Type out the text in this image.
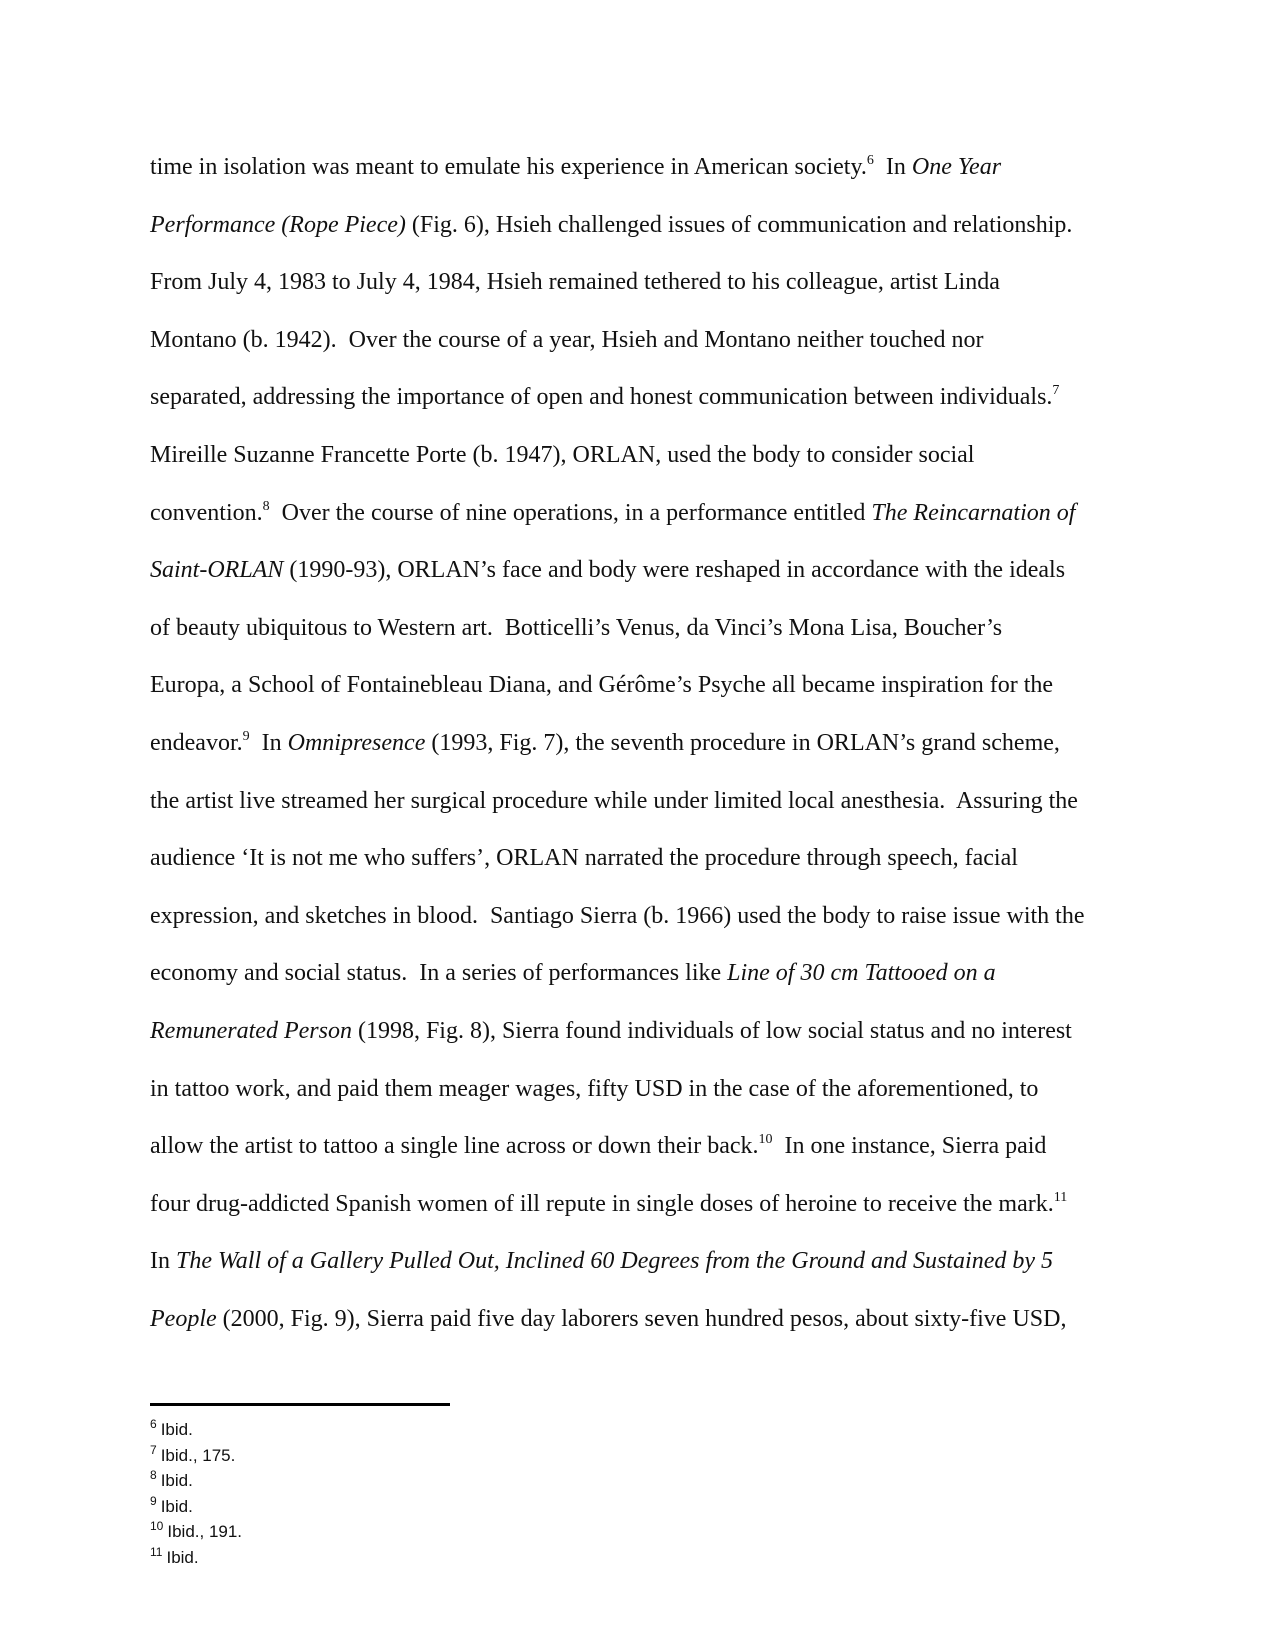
time in isolation was meant to emulate his experience in American society.$^6$  In One Year
Performance (Rope Piece) (Fig. 6), Hsieh challenged issues of communication and relationship.
From July 4, 1983 to July 4, 1984, Hsieh remained tethered to his colleague, artist Linda
Montano (b. 1942).  Over the course of a year, Hsieh and Montano neither touched nor
separated, addressing the importance of open and honest communication between individuals.$^7$
Mireille Suzanne Francette Porte (b. 1947), ORLAN, used the body to consider social
convention.$^8$  Over the course of nine operations, in a performance entitled The Reincarnation of
Saint-ORLAN (1990-93), ORLAN’s face and body were reshaped in accordance with the ideals
of beauty ubiquitous to Western art.  Botticelli’s Venus, da Vinci’s Mona Lisa, Boucher’s
Europa, a School of Fontainebleau Diana, and Gérôme’s Psyche all became inspiration for the
endeavor.$^9$  In Omnipresence (1993, Fig. 7), the seventh procedure in ORLAN’s grand scheme,
the artist live streamed her surgical procedure while under limited local anesthesia.  Assuring the
audience ‘It is not me who suffers’, ORLAN narrated the procedure through speech, facial
expression, and sketches in blood.  Santiago Sierra (b. 1966) used the body to raise issue with the
economy and social status.  In a series of performances like Line of 30 cm Tattooed on a
Remunerated Person (1998, Fig. 8), Sierra found individuals of low social status and no interest
in tattoo work, and paid them meager wages, fifty USD in the case of the aforementioned, to
allow the artist to tattoo a single line across or down their back.$^{10}$  In one instance, Sierra paid
four drug-addicted Spanish women of ill repute in single doses of heroine to receive the mark.$^{11}$
In The Wall of a Gallery Pulled Out, Inclined 60 Degrees from the Ground and Sustained by 5
People (2000, Fig. 9), Sierra paid five day laborers seven hundred pesos, about sixty-five USD,
$^6$ Ibid.
$^7$ Ibid., 175.
$^8$ Ibid.
$^9$ Ibid.
$^{10}$ Ibid., 191.
$^{11}$ Ibid.
